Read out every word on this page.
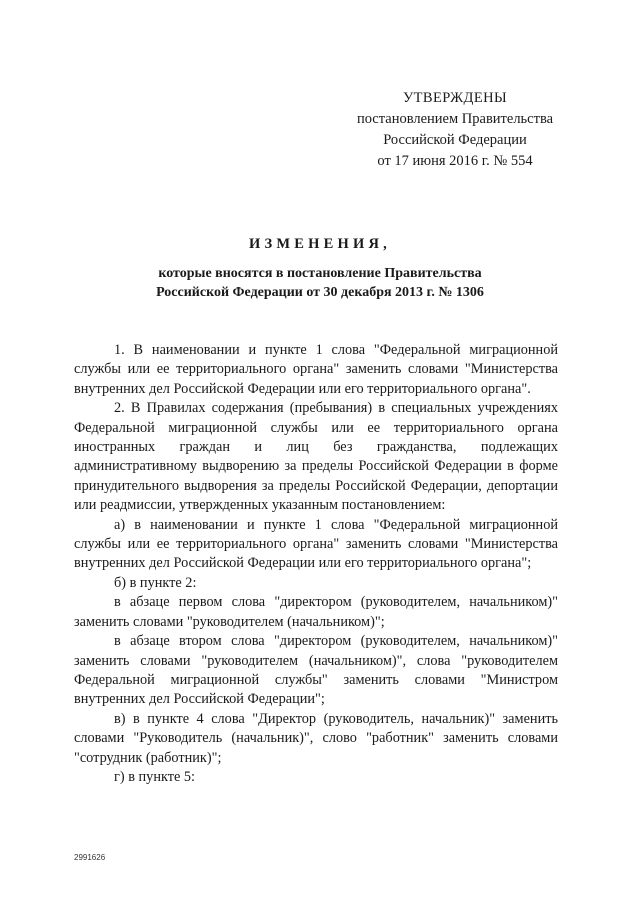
УТВЕРЖДЕНЫ
постановлением Правительства
Российской Федерации
от 17 июня 2016 г. № 554
ИЗМЕНЕНИЯ,
которые вносятся в постановление Правительства
Российской Федерации от 30 декабря 2013 г. № 1306

1. В наименовании и пункте 1 слова "Федеральной миграционной службы или ее территориального органа" заменить словами "Министерства внутренних дел Российской Федерации или его территориального органа".

2. В Правилах содержания (пребывания) в специальных учреждениях Федеральной миграционной службы или ее территориального органа иностранных граждан и лиц без гражданства, подлежащих административному выдворению за пределы Российской Федерации в форме принудительного выдворения за пределы Российской Федерации, депортации или реадмиссии, утвержденных указанным постановлением:

а) в наименовании и пункте 1 слова "Федеральной миграционной службы или ее территориального органа" заменить словами "Министерства внутренних дел Российской Федерации или его территориального органа";

б) в пункте 2:

в абзаце первом слова "директором (руководителем, начальником)" заменить словами "руководителем (начальником)";

в абзаце втором слова "директором (руководителем, начальником)" заменить словами "руководителем (начальником)", слова "руководителем Федеральной миграционной службы" заменить словами "Министром внутренних дел Российской Федерации";

в) в пункте 4 слова "Директор (руководитель, начальник)" заменить словами "Руководитель (начальник)", слово "работник" заменить словами "сотрудник (работник)";

г) в пункте 5:

2991626
